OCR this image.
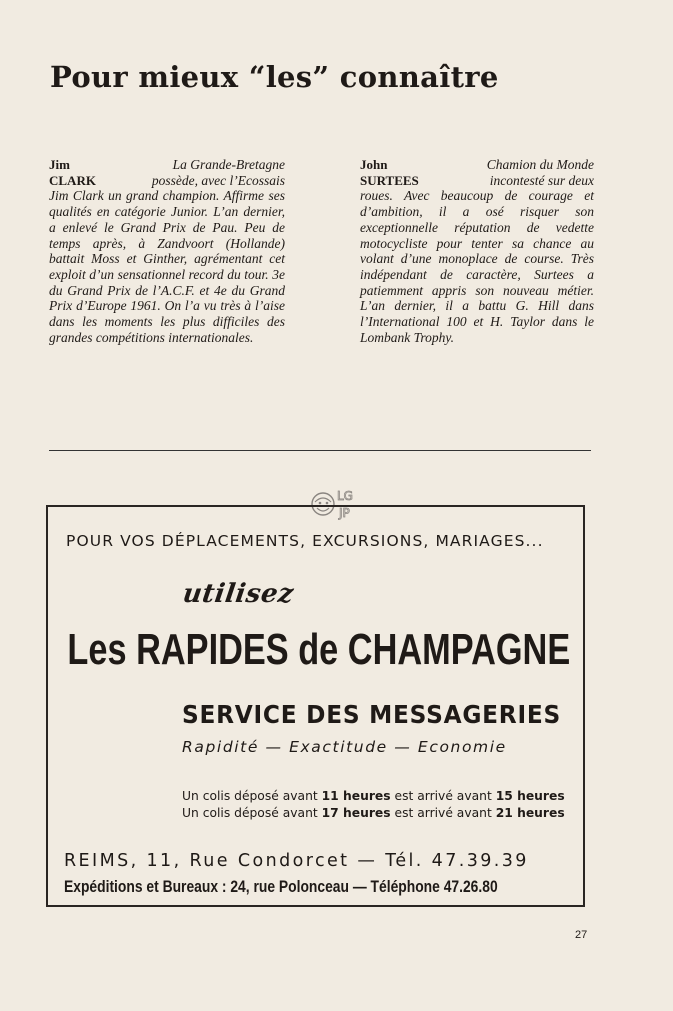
Pour mieux “les” connaître
Jim	La Grande-Bretagne
CLARK	possède, avec l’Ecossais
Jim Clark un grand champion. Affirme ses qualités en catégorie Junior. L’an dernier, a enlevé le Grand Prix de Pau. Peu de temps après, à Zandvoort (Hollande) battait Moss et Ginther, agrémentant cet exploit d’un sensationnel record du tour. 3e du Grand Prix de l’A.C.F. et 4e du Grand Prix d’Europe 1961. On l’a vu très à l’aise dans les moments les plus difficiles des grandes compétitions internationales.
John	Chamion du Monde
SURTEES	incontesté sur deux
roues. Avec beaucoup de courage et d’ambition, il a osé risquer son exceptionnelle réputation de vedette motocycliste pour tenter sa chance au volant d’une monoplace de course. Très indépendant de caractère, Surtees a patiemment appris son nouveau métier. L’an dernier, il a battu G. Hill dans l’International 100 et H. Taylor dans le Lombank Trophy.
LG
JP
POUR VOS DÉPLACEMENTS, EXCURSIONS, MARIAGES...
utilisez
Les RAPIDES de CHAMPAGNE
SERVICE DES MESSAGERIES
Rapidité — Exactitude — Economie
Un colis déposé avant 11 heures est arrivé avant 15 heures
Un colis déposé avant 17 heures est arrivé avant 21 heures
REIMS, 11, Rue Condorcet — Tél. 47.39.39
Expéditions et Bureaux : 24, rue Polonceau — Téléphone 47.26.80
27
